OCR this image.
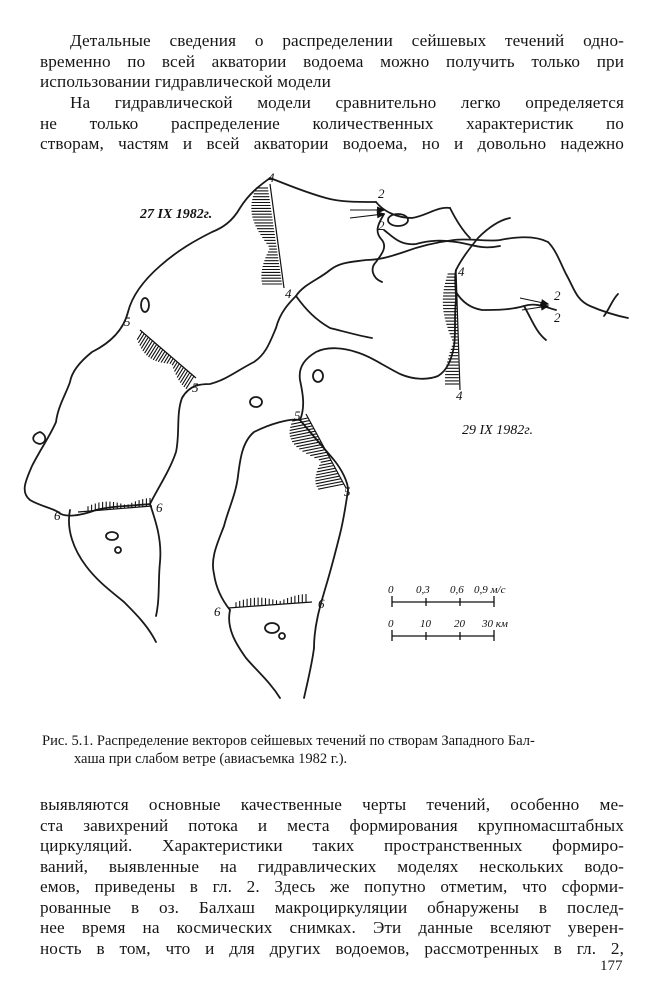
Детальные сведения о распределении сейшевых течений одно-
временно по всей акватории водоема можно получить только при
использовании гидравлической модели
На гидравлической модели сравнительно легко определяется
не только распределение количественных характеристик по
створам, частям и всей акватории водоема, но и довольно надежно
4
4
5
5
6
6
4
4
5
5
6
6
2
2
2
2
27 IX 1982г.
29 IX 1982г.
0 0,3 0,6 0,9 м/с
0 10 20 30 км
Рис. 5.1. Распределение векторов сейшевых течений по створам Западного Бал-
хаша при слабом ветре (авиасъемка 1982 г.).
выявляются основные качественные черты течений, особенно ме-
ста завихрений потока и места формирования крупномасштабных
циркуляций. Характеристики таких пространственных формиро-
ваний, выявленные на гидравлических моделях нескольких водо-
емов, приведены в гл. 2. Здесь же попутно отметим, что сформи-
рованные в оз. Балхаш макроциркуляции обнаружены в послед-
нее время на космических снимках. Эти данные вселяют уверен-
ность в том, что и для других водоемов, рассмотренных в гл. 2,
177
